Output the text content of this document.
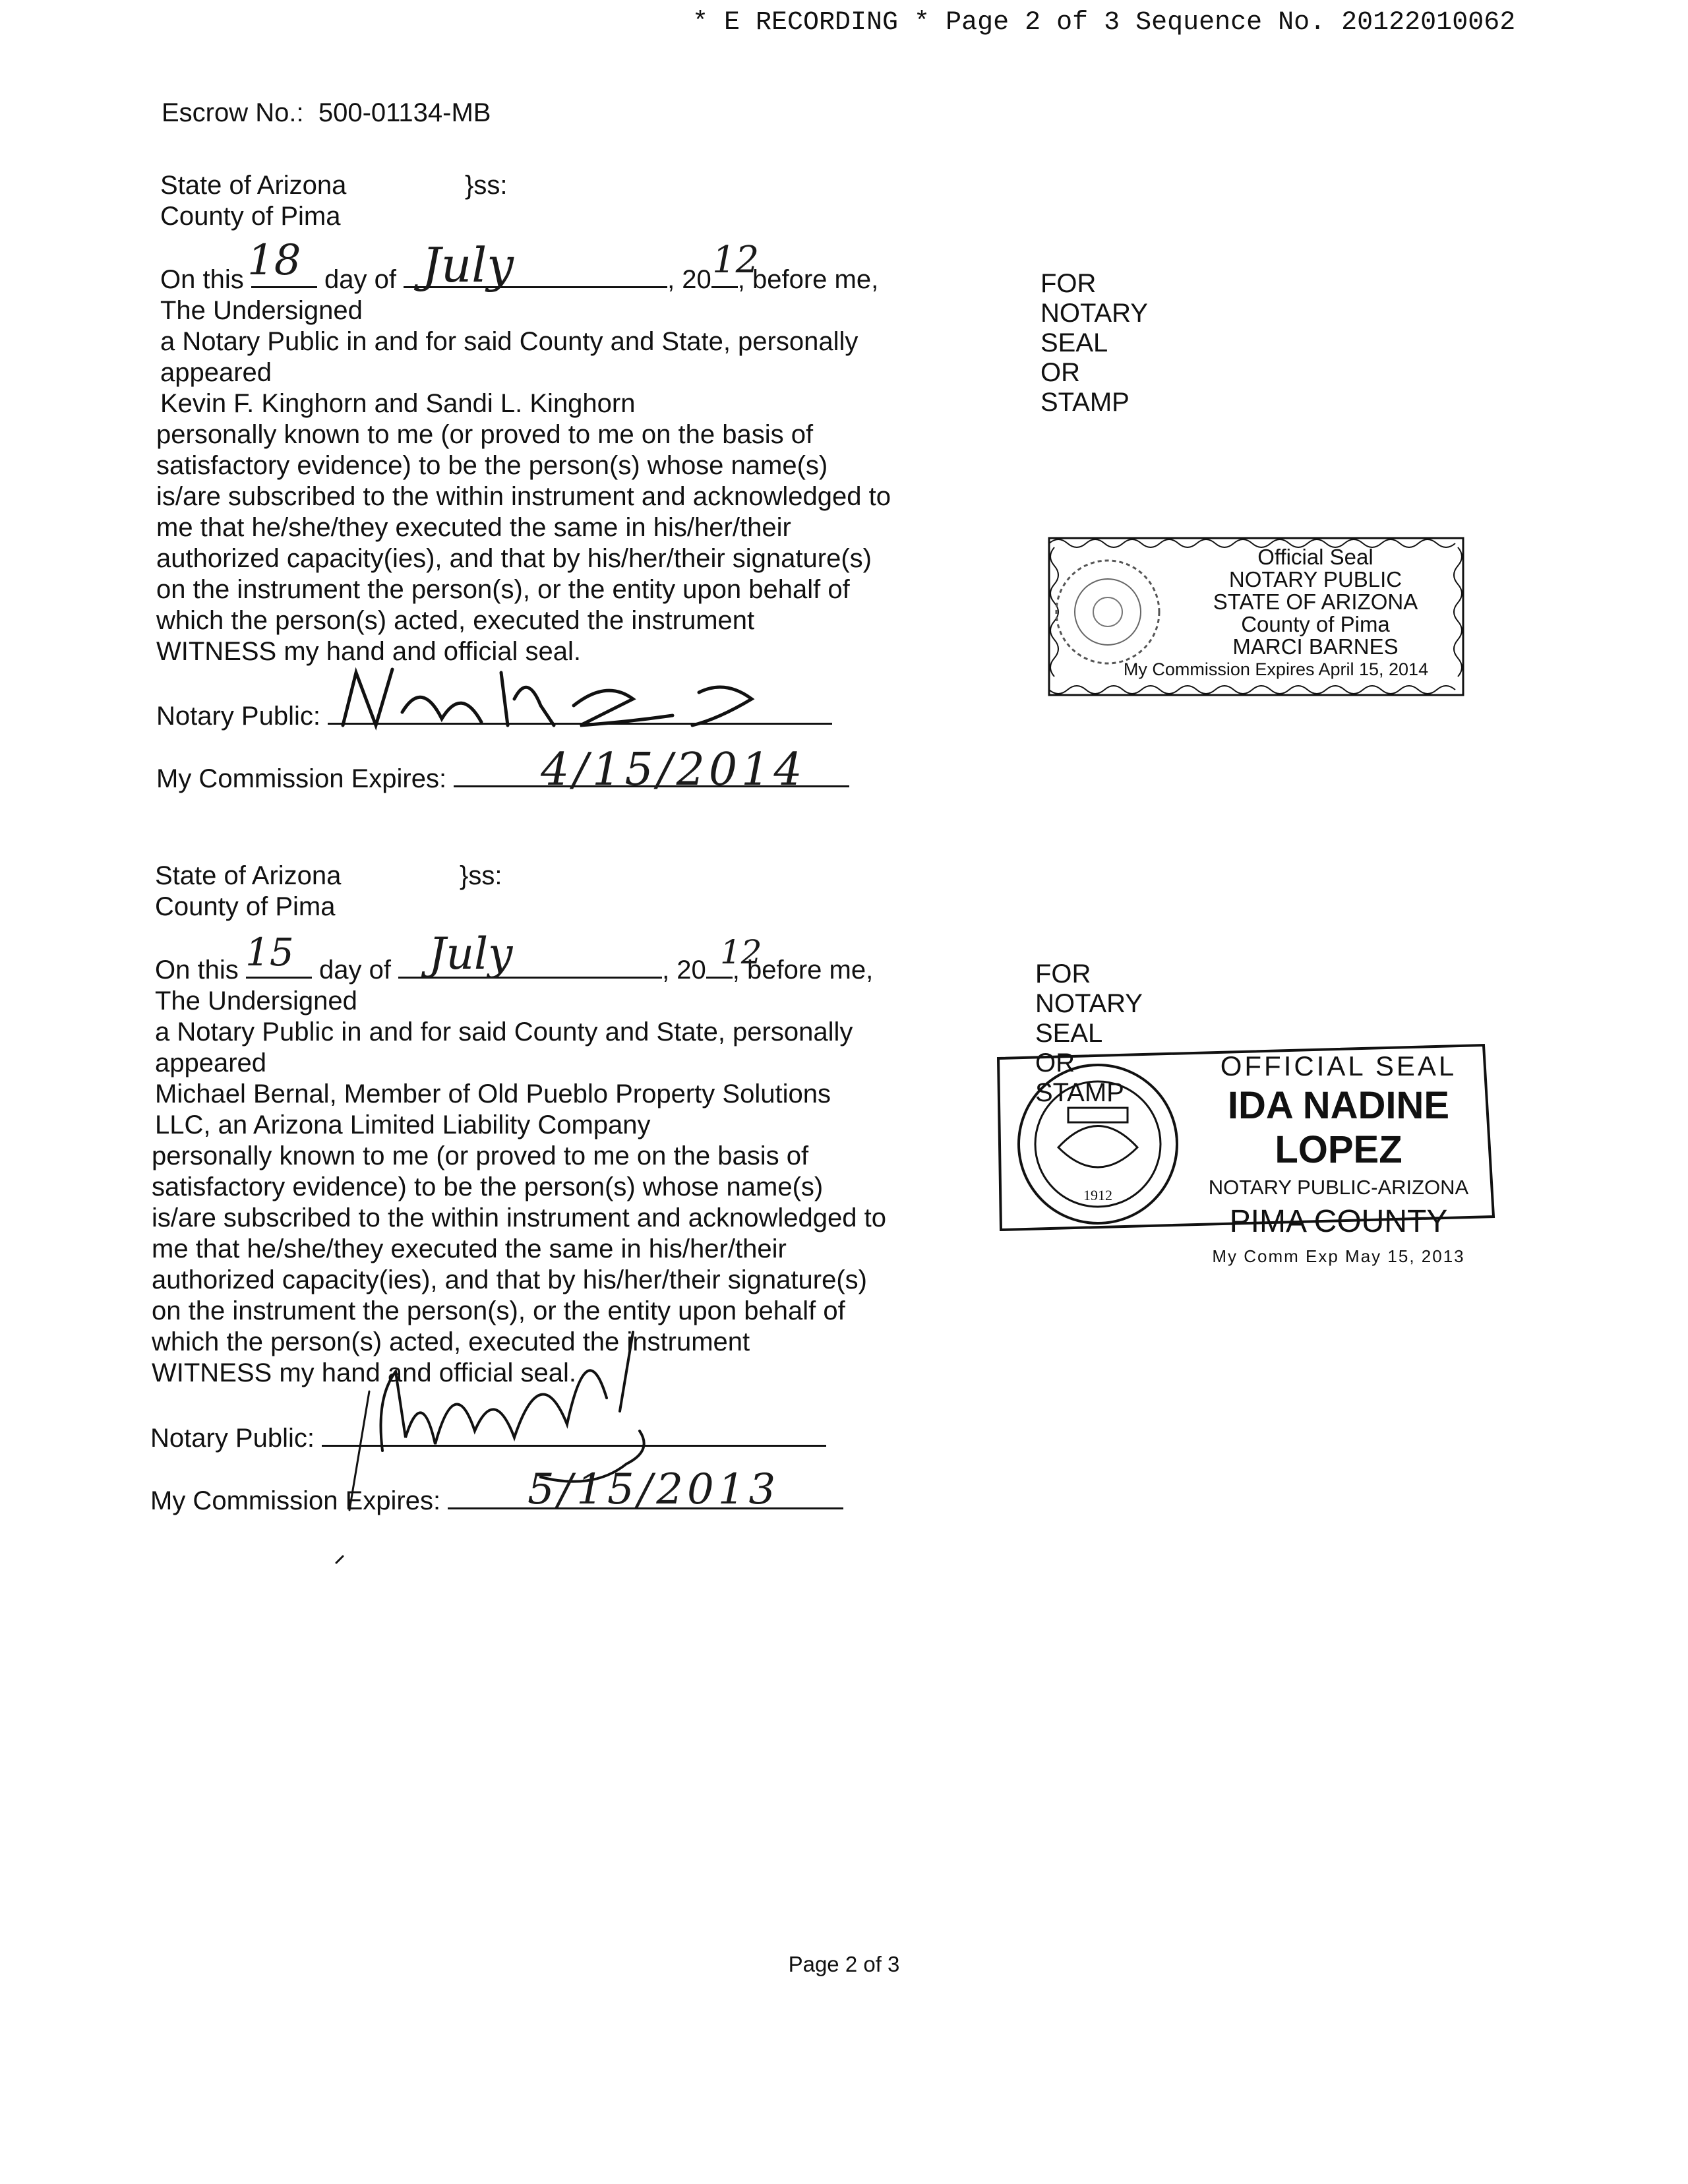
* E RECORDING * Page 2 of 3 Sequence No. 20122010062
Escrow No.: 500-01134-MB
State of Arizona	}ss:
County of Pima
On this	day of	, 20 , before me,
18	July	12
The Undersigned
a Notary Public in and for said County and State, personally
appeared
Kevin F. Kinghorn and Sandi L. Kinghorn
personally known to me (or proved to me on the basis of
satisfactory evidence) to be the person(s) whose name(s)
is/are subscribed to the within instrument and acknowledged to
me that he/she/they executed the same in his/her/their
authorized capacity(ies), and that by his/her/their signature(s)
on the instrument the person(s), or the entity upon behalf of
which the person(s) acted, executed the instrument
WITNESS my hand and official seal.
Notary Public:
My Commission Expires:	4/15/2014
FOR NOTARY SEAL OR STAMP
Official Seal
NOTARY PUBLIC
STATE OF ARIZONA
County of Pima
MARCI BARNES
My Commission Expires April 15, 2014
State of Arizona	}ss:
County of Pima
On this	day of	, 20 , before me,
15	July	12
The Undersigned
a Notary Public in and for said County and State, personally
appeared
Michael Bernal, Member of Old Pueblo Property Solutions
LLC, an Arizona Limited Liability Company
personally known to me (or proved to me on the basis of
satisfactory evidence) to be the person(s) whose name(s)
is/are subscribed to the within instrument and acknowledged to
me that he/she/they executed the same in his/her/their
authorized capacity(ies), and that by his/her/their signature(s)
on the instrument the person(s), or the entity upon behalf of
which the person(s) acted, executed the instrument
WITNESS my hand and official seal.
Notary Public:
My Commission Expires:	5/15/2013
FOR NOTARY SEAL OR STAMP
1912
OFFICIAL SEAL
IDA NADINE LOPEZ
NOTARY PUBLIC-ARIZONA
PIMA COUNTY
My Comm Exp May 15, 2013
Page 2 of 3
